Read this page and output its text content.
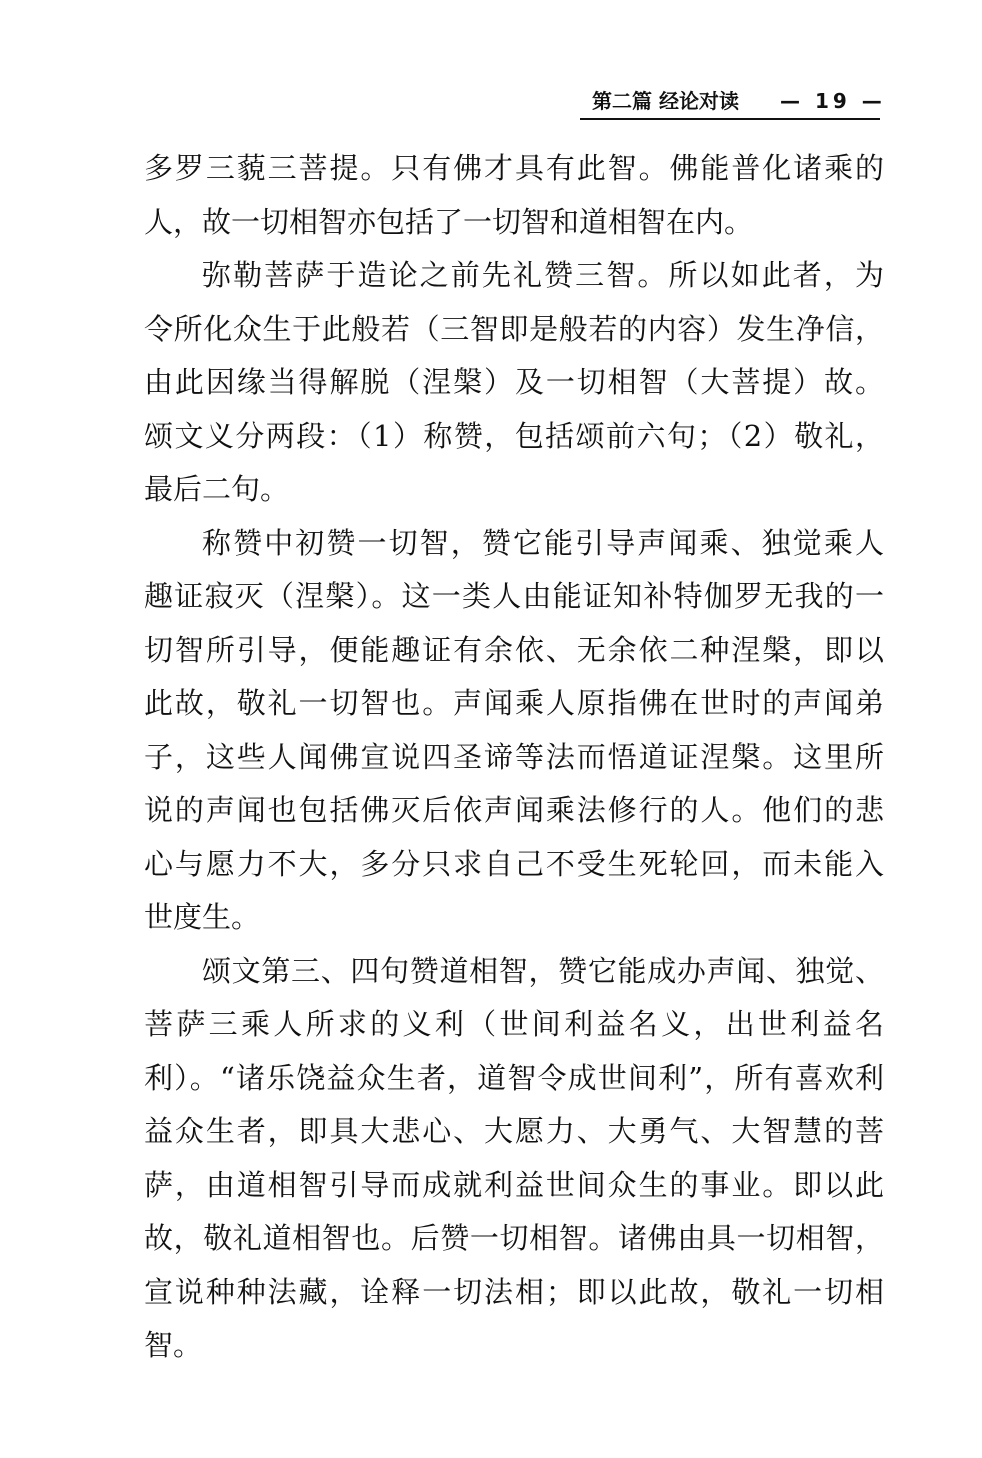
第二篇 经论对读 — 19 —
多罗三藐三菩提。只有佛才具有此智。佛能普化诸乘的
人，故一切相智亦包括了一切智和道相智在内。
弥勒菩萨于造论之前先礼赞三智。所以如此者，为
令所化众生于此般若（三智即是般若的内容）发生净信，
由此因缘当得解脱（涅槃）及一切相智（大菩提）故。
颂文义分两段：（1）称赞，包括颂前六句；（2）敬礼，
最后二句。
称赞中初赞一切智，赞它能引导声闻乘、独觉乘人
趣证寂灭（涅槃）。这一类人由能证知补特伽罗无我的一
切智所引导，便能趣证有余依、无余依二种涅槃，即以
此故，敬礼一切智也。声闻乘人原指佛在世时的声闻弟
子，这些人闻佛宣说四圣谛等法而悟道证涅槃。这里所
说的声闻也包括佛灭后依声闻乘法修行的人。他们的悲
心与愿力不大，多分只求自己不受生死轮回，而未能入
世度生。
颂文第三、四句赞道相智，赞它能成办声闻、独觉、
菩萨三乘人所求的义利（世间利益名义，出世利益名
利）。“诸乐饶益众生者，道智令成世间利”，所有喜欢利
益众生者，即具大悲心、大愿力、大勇气、大智慧的菩
萨，由道相智引导而成就利益世间众生的事业。即以此
故，敬礼道相智也。后赞一切相智。诸佛由具一切相智，
宣说种种法藏，诠释一切法相；即以此故，敬礼一切相
智。
